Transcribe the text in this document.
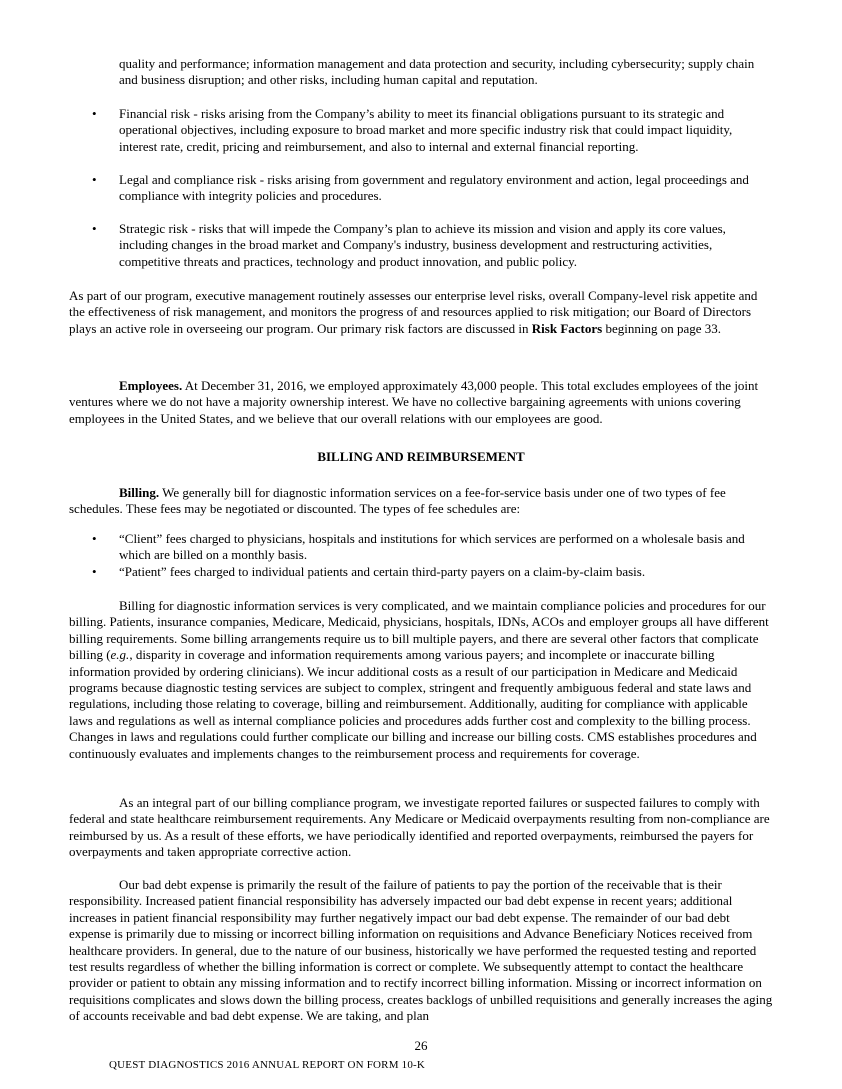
quality and performance; information management and data protection and security, including cybersecurity; supply chain and business disruption; and other risks, including human capital and reputation.

•	Financial risk - risks arising from the Company’s ability to meet its financial obligations pursuant to its strategic and operational objectives, including exposure to broad market and more specific industry risk that could impact liquidity, interest rate, credit, pricing and reimbursement, and also to internal and external financial reporting.
•	Legal and compliance risk - risks arising from government and regulatory environment and action, legal proceedings and compliance with integrity policies and procedures.
•	Strategic risk - risks that will impede the Company’s plan to achieve its mission and vision and apply its core values, including changes in the broad market and Company's industry, business development and restructuring activities, competitive threats and practices, technology and product innovation, and public policy.

As part of our program, executive management routinely assesses our enterprise level risks, overall Company-level risk appetite and the effectiveness of risk management, and monitors the progress of and resources applied to risk mitigation; our Board of Directors plays an active role in overseeing our program. Our primary risk factors are discussed in Risk Factors beginning on page 33.

Employees. At December 31, 2016, we employed approximately 43,000 people. This total excludes employees of the joint ventures where we do not have a majority ownership interest. We have no collective bargaining agreements with unions covering employees in the United States, and we believe that our overall relations with our employees are good.

BILLING AND REIMBURSEMENT

Billing. We generally bill for diagnostic information services on a fee-for-service basis under one of two types of fee schedules. These fees may be negotiated or discounted. The types of fee schedules are:

•	“Client” fees charged to physicians, hospitals and institutions for which services are performed on a wholesale basis and which are billed on a monthly basis.
•	“Patient” fees charged to individual patients and certain third-party payers on a claim-by-claim basis.

Billing for diagnostic information services is very complicated, and we maintain compliance policies and procedures for our billing. Patients, insurance companies, Medicare, Medicaid, physicians, hospitals, IDNs, ACOs and employer groups all have different billing requirements. Some billing arrangements require us to bill multiple payers, and there are several other factors that complicate billing (e.g., disparity in coverage and information requirements among various payers; and incomplete or inaccurate billing information provided by ordering clinicians). We incur additional costs as a result of our participation in Medicare and Medicaid programs because diagnostic testing services are subject to complex, stringent and frequently ambiguous federal and state laws and regulations, including those relating to coverage, billing and reimbursement. Additionally, auditing for compliance with applicable laws and regulations as well as internal compliance policies and procedures adds further cost and complexity to the billing process. Changes in laws and regulations could further complicate our billing and increase our billing costs. CMS establishes procedures and continuously evaluates and implements changes to the reimbursement process and requirements for coverage.

As an integral part of our billing compliance program, we investigate reported failures or suspected failures to comply with federal and state healthcare reimbursement requirements. Any Medicare or Medicaid overpayments resulting from non-compliance are reimbursed by us. As a result of these efforts, we have periodically identified and reported overpayments, reimbursed the payers for overpayments and taken appropriate corrective action.

Our bad debt expense is primarily the result of the failure of patients to pay the portion of the receivable that is their responsibility. Increased patient financial responsibility has adversely impacted our bad debt expense in recent years; additional increases in patient financial responsibility may further negatively impact our bad debt expense. The remainder of our bad debt expense is primarily due to missing or incorrect billing information on requisitions and Advance Beneficiary Notices received from healthcare providers. In general, due to the nature of our business, historically we have performed the requested testing and reported test results regardless of whether the billing information is correct or complete. We subsequently attempt to contact the healthcare provider or patient to obtain any missing information and to rectify incorrect billing information. Missing or incorrect information on requisitions complicates and slows down the billing process, creates backlogs of unbilled requisitions and generally increases the aging of accounts receivable and bad debt expense. We are taking, and plan

26
QUEST DIAGNOSTICS 2016 ANNUAL REPORT ON FORM 10-K
